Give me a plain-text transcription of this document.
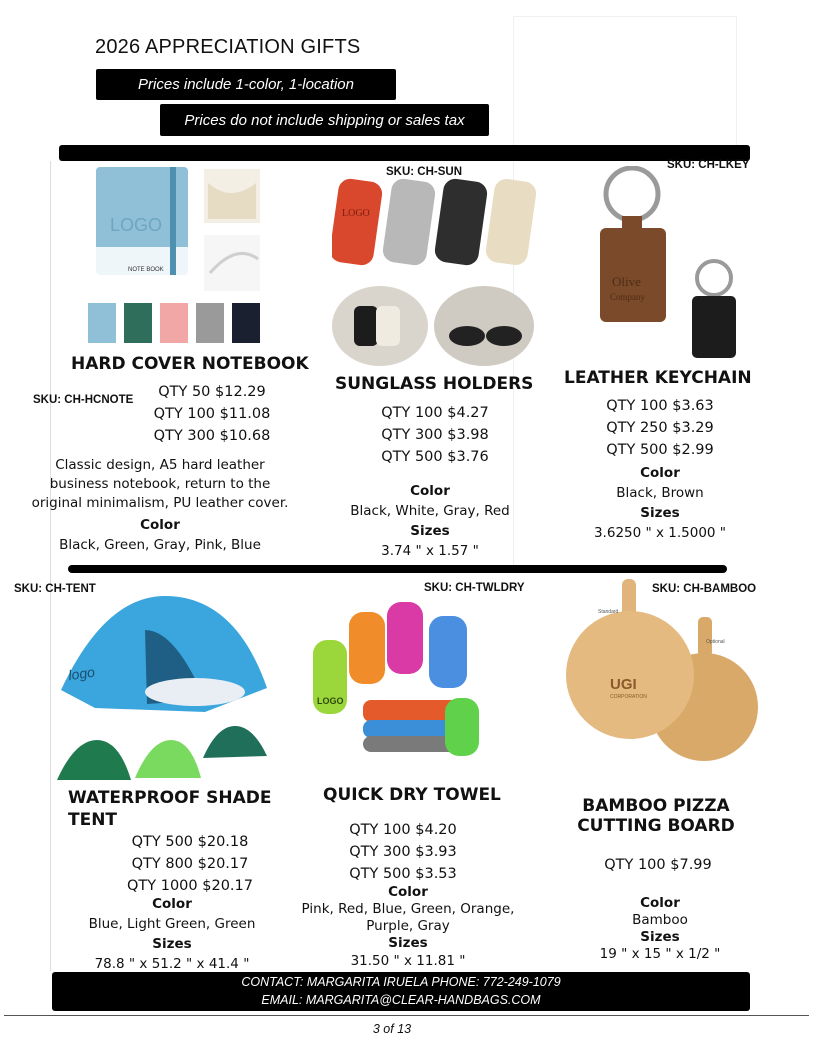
2026 APPRECIATION GIFTS
Prices include 1-color, 1-location
Prices do not include shipping or sales tax
LOGO
NOTE BOOK
HARD COVER NOTEBOOK
SKU: CH-HCNOTE	QTY 50 $12.29
QTY 100 $11.08
QTY 300 $10.68
Classic design, A5 hard leather
business notebook, return to the
original minimalism, PU leather cover.
Color
Black, Green, Gray, Pink, Blue
SKU: CH-SUN
LOGO
SUNGLASS HOLDERS
QTY 100 $4.27
QTY 300 $3.98
QTY 500 $3.76
Color
Black, White, Gray, Red
Sizes
3.74 " x 1.57 "
SKU: CH-LKEY
Olive
Company
LEATHER KEYCHAIN
QTY 100 $3.63
QTY 250 $3.29
QTY 500 $2.99
Color
Black, Brown
Sizes
3.6250 " x 1.5000 "
SKU: CH-TENT
logo
WATERPROOF SHADE
TENT
QTY 500 $20.18
QTY 800 $20.17
QTY 1000 $20.17
Color
Blue, Light Green, Green
Sizes
78.8 " x 51.2 " x 41.4 "
SKU: CH-TWLDRY
LOGO
QUICK DRY TOWEL
QTY 100 $4.20
QTY 300 $3.93
QTY 500 $3.53
Color
Pink, Red, Blue, Green, Orange,
Purple, Gray
Sizes
31.50 " x 11.81 "
SKU: CH-BAMBOO
UGI
CORPORATION
Standard
Optional
BAMBOO PIZZA
CUTTING BOARD
QTY 100 $7.99
Color
Bamboo
Sizes
19 " x 15 " x 1/2 "
CONTACT: MARGARITA IRUELA PHONE: 772-249-1079
EMAIL: MARGARITA@CLEAR-HANDBAGS.COM
3 of 13
